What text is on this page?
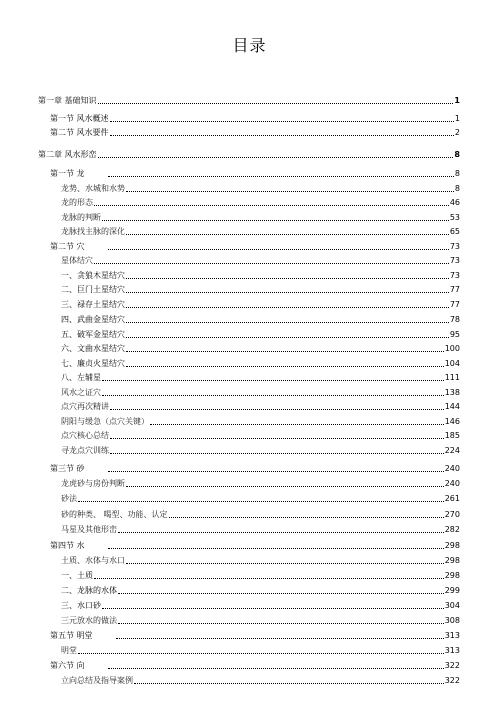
目录
第一章 基础知识	1
第一节 风水概述	1
第二节 风水要件	2
第二章 风水形峦	8
第一节 龙	8
龙势、水城和水势	8
龙的形态	46
龙脉的判断	53
龙脉找主脉的深化	65
第二节 穴	73
星体结穴	73
一、贪狼木星结穴	73
二、巨门土星结穴	77
三、禄存土星结穴	77
四、武曲金星结穴	78
五、破军金星结穴	95
六、文曲水星结穴	100
七、廉贞火星结穴	104
八、左辅星	111
风水之证穴	138
点穴再次精讲	144
阴阳与缓急（点穴关键）	146
点穴核心总结	185
寻龙点穴训练	224
第三节 砂	240
龙虎砂与房份判断	240
砂法	261
砂的种类、 喝型、功能、认定	270
马星及其他形峦	282
第四节 水	298
土质、水体与水口	298
一、土质	298
二、龙脉的水体	299
三、水口砂	304
三元放水的做法	308
第五节 明堂	313
明堂	313
第六节 向	322
立向总结及指导案例	322
